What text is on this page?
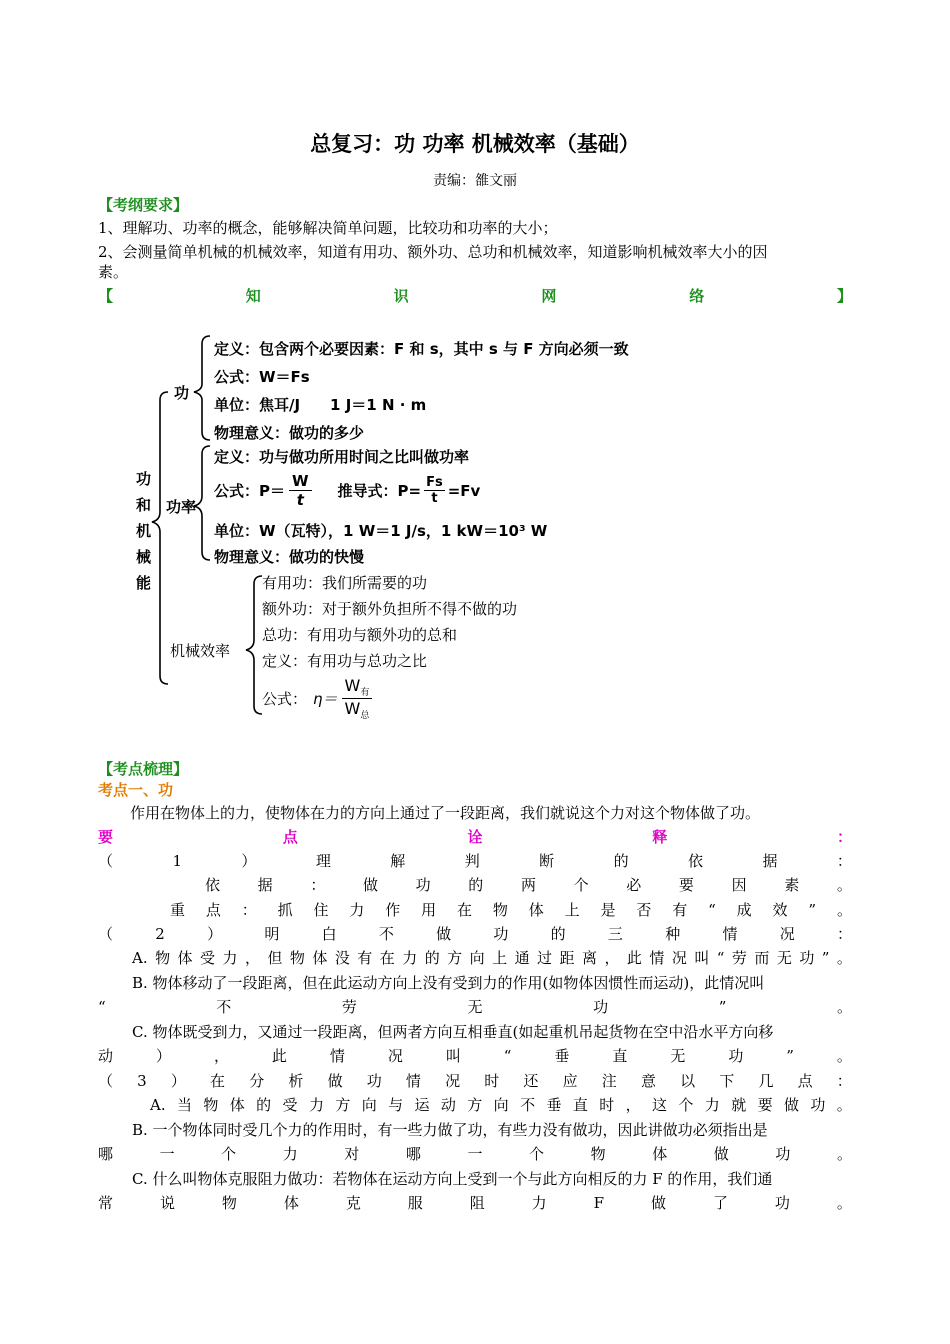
总复习：功 功率 机械效率（基础）
责编：雒文丽
【考纲要求】
1、理解功、功率的概念，能够解决简单问题，比较功和功率的大小；
2、会测量简单机械的机械效率，知道有用功、额外功、总功和机械效率，知道影响机械效率大小的因
素。
【	知	识	网	络	】
功
和
机
械
能
功
定义：包含两个必要因素：F 和 s，其中 s 与 F 方向必须一致
公式：W＝Fs
单位：焦耳/J　　1 J＝1 N · m
物理意义：做功的多少
功率
定义：功与做功所用时间之比叫做功率
公式：P＝
W
t 推导式：$P= \frac{Fs}{t} =Fv$
单位：W（瓦特），1 W＝1 J/s，1 kW＝10³ W
物理意义：做功的快慢
机械效率
有用功：我们所需要的功
额外功：对于额外负担所不得不做的功
总功：有用功与额外功的总和
定义：有用功与总功之比
公式： η＝
$W_有$
$W_总$
【考点梳理】
考点一、功
作用在物体上的力，使物体在力的方向上通过了一段距离，我们就说这个力对这个物体做了功。
要	点	诠	释	：
（	1	）	理	解	判	断	的	依	据	：
依	据	：	做	功	的	两	个	必	要	因	素	。
重 点 ： 抓 住 力 作 用 在 物 体 上 是 否 有 “ 成 效 ” 。
（	2	）	明	白	不	做	功	的	三	种	情	况	：
A. 物 体 受 力 ， 但 物 体 没 有 在 力 的 方 向 上 通 过 距 离 ， 此 情 况 叫 “ 劳 而 无 功 ” 。
B. 物体移动了一段距离，但在此运动方向上没有受到力的作用(如物体因惯性而运动)，此情况叫
“	不	劳	无	功	”	。
C. 物体既受到力，又通过一段距离，但两者方向互相垂直(如起重机吊起货物在空中沿水平方向移
动	）	，	此	情	况	叫	“	垂	直	无	功	”	。
（ 3 ） 在 分 析 做 功 情 况 时 还 应 注 意 以 下 几 点 ：
A. 当 物 体 的 受 力 方 向 与 运 动 方 向 不 垂 直 时 ， 这 个 力 就 要 做 功 。
B. 一个物体同时受几个力的作用时，有一些力做了功，有些力没有做功，因此讲做功必须指出是
哪	一	个	力	对	哪	一	个	物	体	做	功	。
C. 什么叫物体克服阻力做功：若物体在运动方向上受到一个与此方向相反的力 F 的作用，我们通
常	说	物	体	克	服	阻	力	F	做	了	功	。
